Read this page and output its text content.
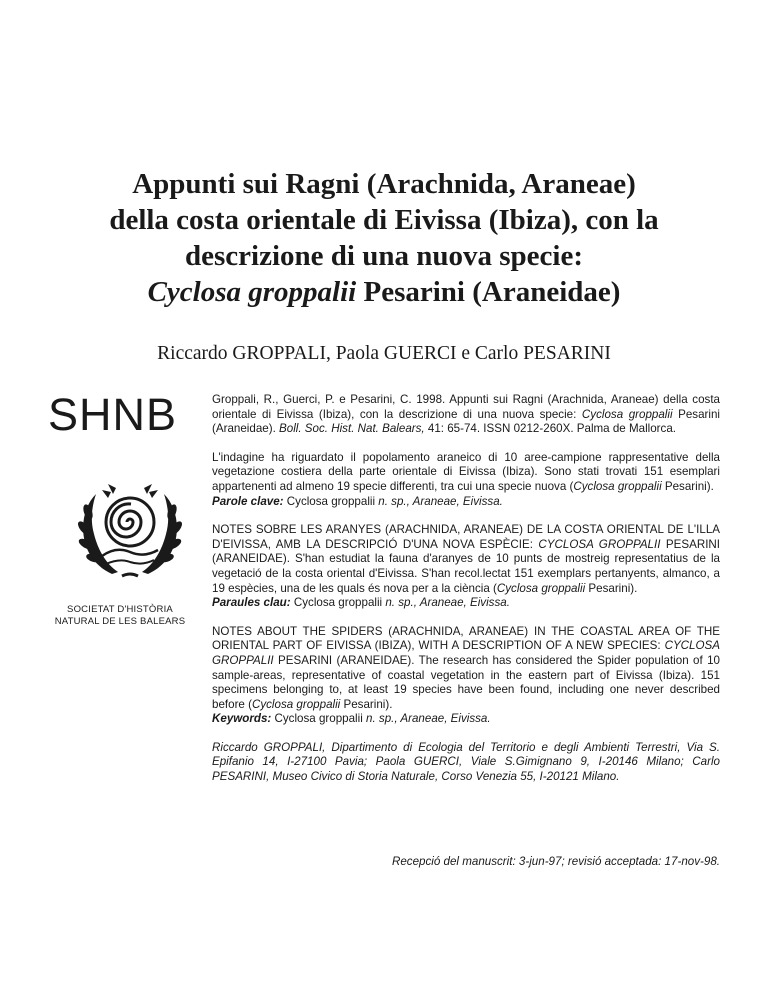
Appunti sui Ragni (Arachnida, Araneae)
della costa orientale di Eivissa (Ibiza), con la
descrizione di una nuova specie:
Cyclosa groppalii Pesarini (Araneidae)

Riccardo GROPPALI, Paola GUERCI e Carlo PESARINI

SHNB
SOCIETAT D'HISTÒRIA
NATURAL DE LES BALEARS

Groppali, R., Guerci, P. e Pesarini, C. 1998. Appunti sui Ragni (Arachnida, Araneae) della costa orientale di Eivissa (Ibiza), con la descrizione di una nuova specie: Cyclosa groppalii Pesarini (Araneidae). Boll. Soc. Hist. Nat. Balears, 41: 65-74. ISSN 0212-260X. Palma de Mallorca.

L'indagine ha riguardato il popolamento araneico di 10 aree-campione rappresentative della vegetazione costiera della parte orientale di Eivissa (Ibiza). Sono stati trovati 151 esemplari appartenenti ad almeno 19 specie differenti, tra cui una specie nuova (Cyclosa groppalii Pesarini).

Parole clave: Cyclosa groppalii n. sp., Araneae, Eivissa.

NOTES SOBRE LES ARANYES (ARACHNIDA, ARANEAE) DE LA COSTA ORIENTAL DE L'ILLA D'EIVISSA, AMB LA DESCRIPCIÓ D'UNA NOVA ESPÈCIE: CYCLOSA GROPPALII PESARINI (ARANEIDAE). S'han estudiat la fauna d'aranyes de 10 punts de mostreig representatius de la vegetació de la costa oriental d'Eivissa. S'han recol.lectat 151 exemplars pertanyents, almanco, a 19 espècies, una de les quals és nova per a la ciència (Cyclosa groppalii Pesarini).

Paraules clau: Cyclosa groppalii n. sp., Araneae, Eivissa.

NOTES ABOUT THE SPIDERS (ARACHNIDA, ARANEAE) IN THE COASTAL AREA OF THE ORIENTAL PART OF EIVISSA (IBIZA), WITH A DESCRIPTION OF A NEW SPECIES: CYCLOSA GROPPALII PESARINI (ARANEIDAE). The research has considered the Spider population of 10 sample-areas, representative of coastal vegetation in the eastern part of Eivissa (Ibiza). 151 specimens belonging to, at least 19 species have been found, including one never described before (Cyclosa groppalii Pesarini).

Keywords: Cyclosa groppalii n. sp., Araneae, Eivissa.

Riccardo GROPPALI, Dipartimento di Ecologia del Territorio e degli Ambienti Terrestri, Via S. Epifanio 14, I-27100 Pavia; Paola GUERCI, Viale S.Gimignano 9, I-20146 Milano; Carlo PESARINI, Museo Civico di Storia Naturale, Corso Venezia 55, I-20121 Milano.

Recepció del manuscrit: 3-jun-97; revisió acceptada: 17-nov-98.
